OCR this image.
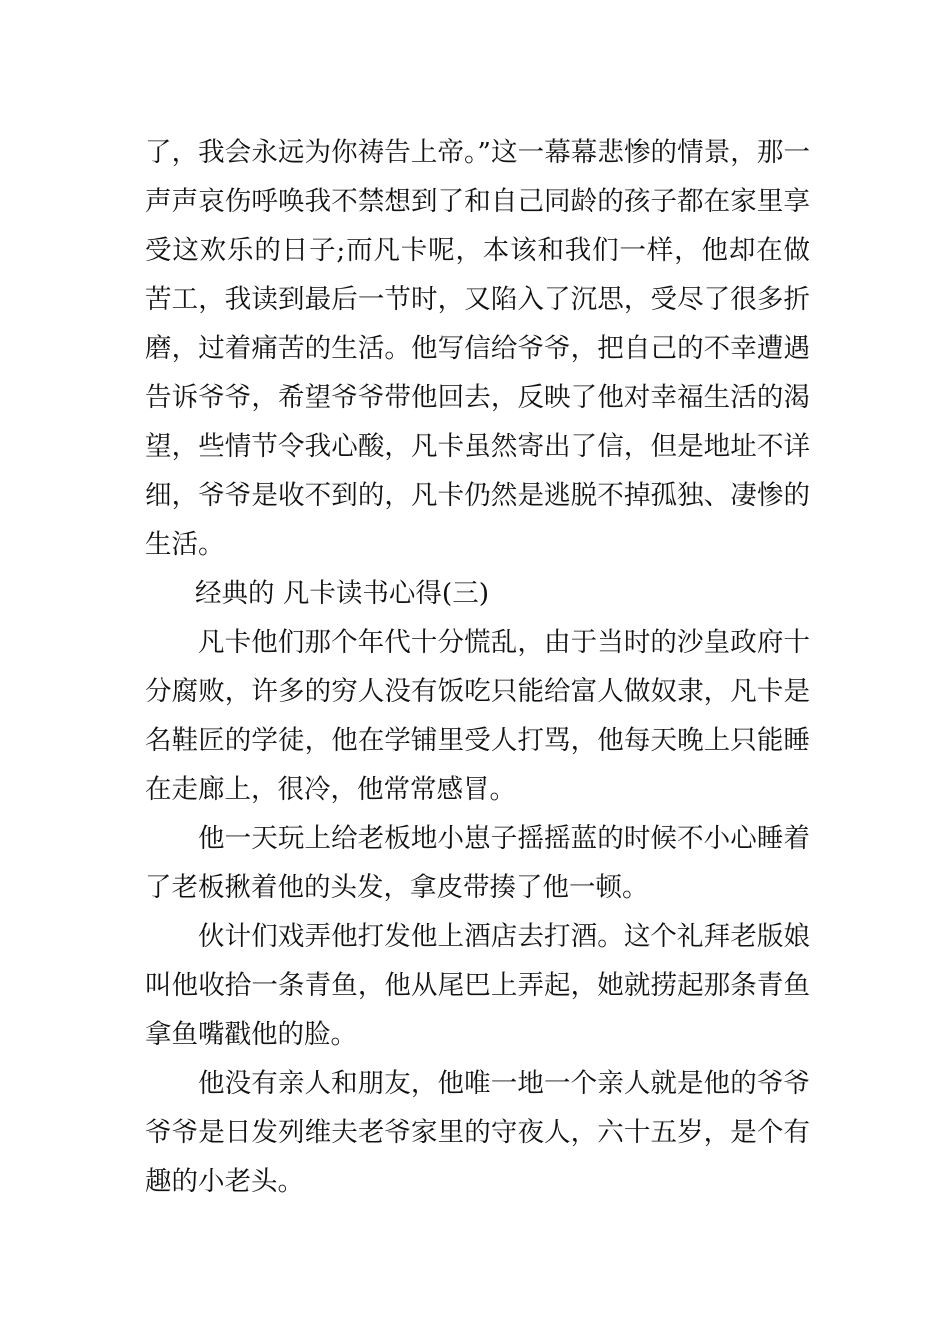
了，我会永远为你祷告上帝。”这一幕幕悲惨的情景，那一声声哀伤呼唤我不禁想到了和自己同龄的孩子都在家里享受这欢乐的日子;而凡卡呢，本该和我们一样，他却在做苦工，我读到最后一节时，又陷入了沉思，受尽了很多折磨，过着痛苦的生活。他写信给爷爷，把自己的不幸遭遇告诉爷爷，希望爷爷带他回去，反映了他对幸福生活的渴望，些情节令我心酸，凡卡虽然寄出了信，但是地址不详细，爷爷是收不到的，凡卡仍然是逃脱不掉孤独、凄惨的生活。

经典的 凡卡读书心得(三)

凡卡他们那个年代十分慌乱，由于当时的沙皇政府十分腐败，许多的穷人没有饭吃只能给富人做奴隶，凡卡是名鞋匠的学徒，他在学铺里受人打骂，他每天晚上只能睡在走廊上，很冷，他常常感冒。

他一天玩上给老板地小崽子摇摇蓝的时候不小心睡着了老板揪着他的头发，拿皮带揍了他一顿。

伙计们戏弄他打发他上酒店去打酒。这个礼拜老版娘叫他收拾一条青鱼，他从尾巴上弄起，她就捞起那条青鱼拿鱼嘴戳他的脸。

他没有亲人和朋友，他唯一地一个亲人就是他的爷爷爷爷是日发列维夫老爷家里的守夜人，六十五岁，是个有趣的小老头。
